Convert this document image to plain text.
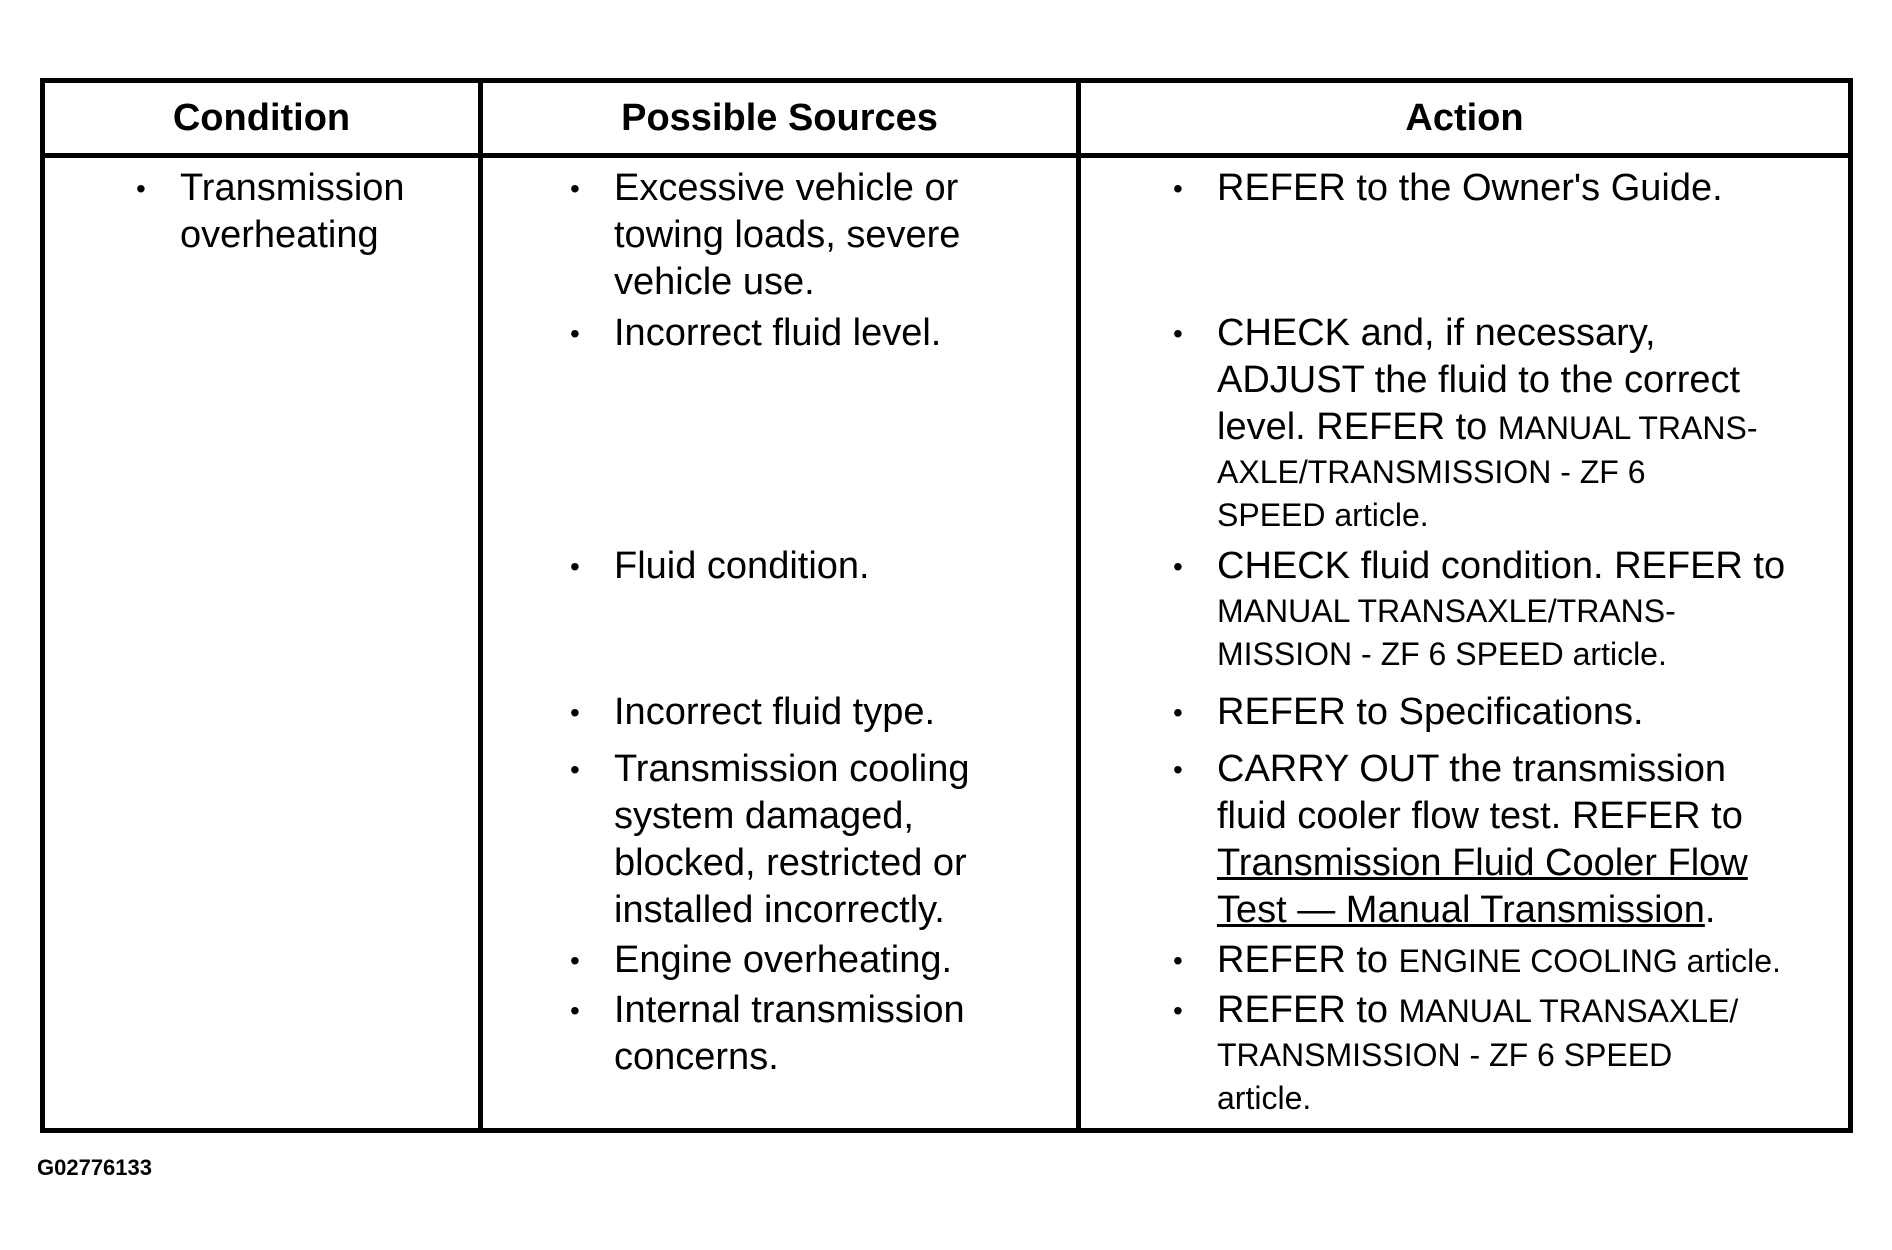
Condition	Possible Sources	Action
• Transmission
overheating
• Excessive vehicle or
towing loads, severe
vehicle use.
• Incorrect fluid level.
• Fluid condition.
• Incorrect fluid type.
• Transmission cooling
system damaged,
blocked, restricted or
installed incorrectly.
• Engine overheating.
• Internal transmission
concerns.
• REFER to the Owner's Guide.
• CHECK and, if necessary,
ADJUST the fluid to the correct
level. REFER to MANUAL TRANS-
AXLE/TRANSMISSION - ZF 6
SPEED article.
• CHECK fluid condition. REFER to
MANUAL TRANSAXLE/TRANS-
MISSION - ZF 6 SPEED article.
• REFER to Specifications.
• CARRY OUT the transmission
fluid cooler flow test. REFER to
Transmission Fluid Cooler Flow
Test — Manual Transmission.
• REFER to ENGINE COOLING article.
• REFER to MANUAL TRANSAXLE/
TRANSMISSION - ZF 6 SPEED
article.
G02776133
